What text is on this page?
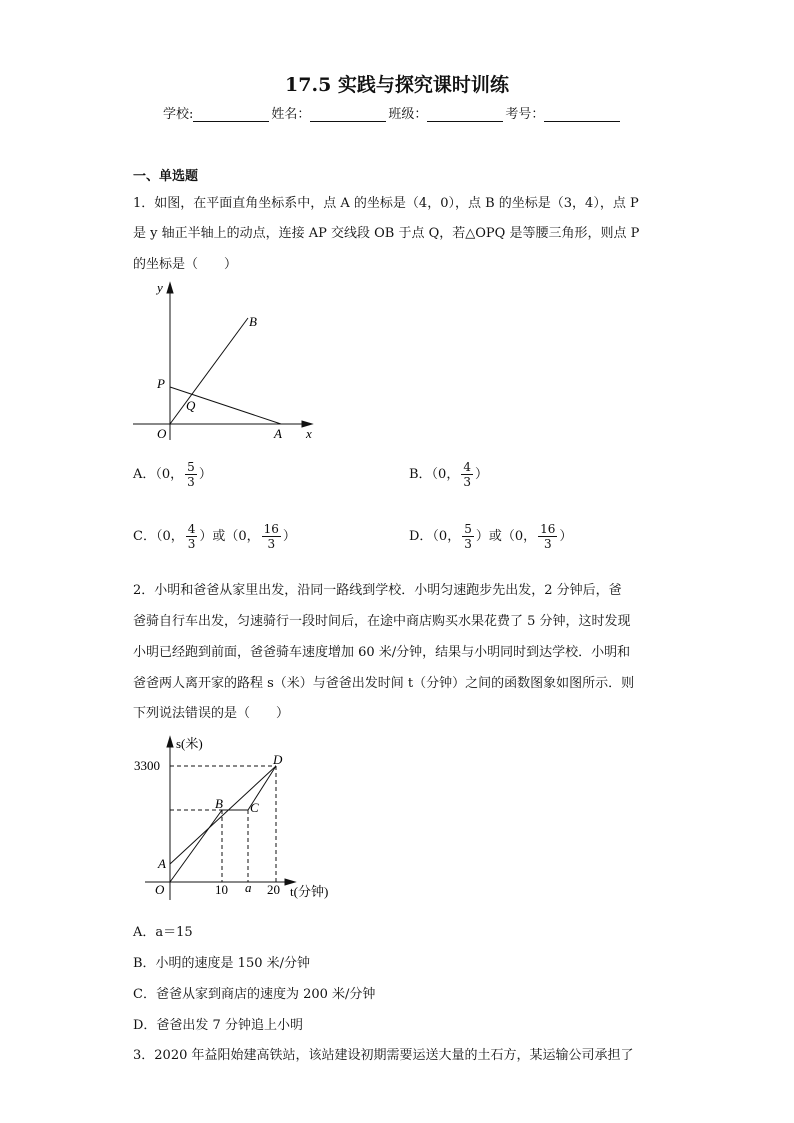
17.5 实践与探究课时训练
学校:	姓名：	班级：	考号：
一、单选题
1．如图，在平面直角坐标系中，点 A 的坐标是（4，0），点 B 的坐标是（3，4），点 P
是 y 轴正半轴上的动点，连接 AP 交线段 OB 于点 Q，若△OPQ 是等腰三角形，则点 P
的坐标是（　　）
y
x
B
P
Q
O	A
A．（0， $\frac{5}{3}$ ）	B．（0， $\frac{4}{3}$ ）
C．（0， $\frac{4}{3}$ ）或（0， $\frac{16}{3}$ ）	D．（0， $\frac{5}{3}$ ）或（0， $\frac{16}{3}$ ）
2．小明和爸爸从家里出发，沿同一路线到学校．小明匀速跑步先出发，2 分钟后，爸
爸骑自行车出发，匀速骑行一段时间后，在途中商店购买水果花费了 5 分钟，这时发现
小明已经跑到前面，爸爸骑车速度增加 60 米/分钟，结果与小明同时到达学校．小明和
爸爸两人离开家的路程 s（米）与爸爸出发时间 t（分钟）之间的函数图象如图所示．则
下列说法错误的是（　　）
s(米)
3300	D
B C
A
O	10 a 20 t(分钟)
A．a＝15
B．小明的速度是 150 米/分钟
C．爸爸从家到商店的速度为 200 米/分钟
D．爸爸出发 7 分钟追上小明
3．2020 年益阳始建高铁站，该站建设初期需要运送大量的土石方，某运输公司承担了
